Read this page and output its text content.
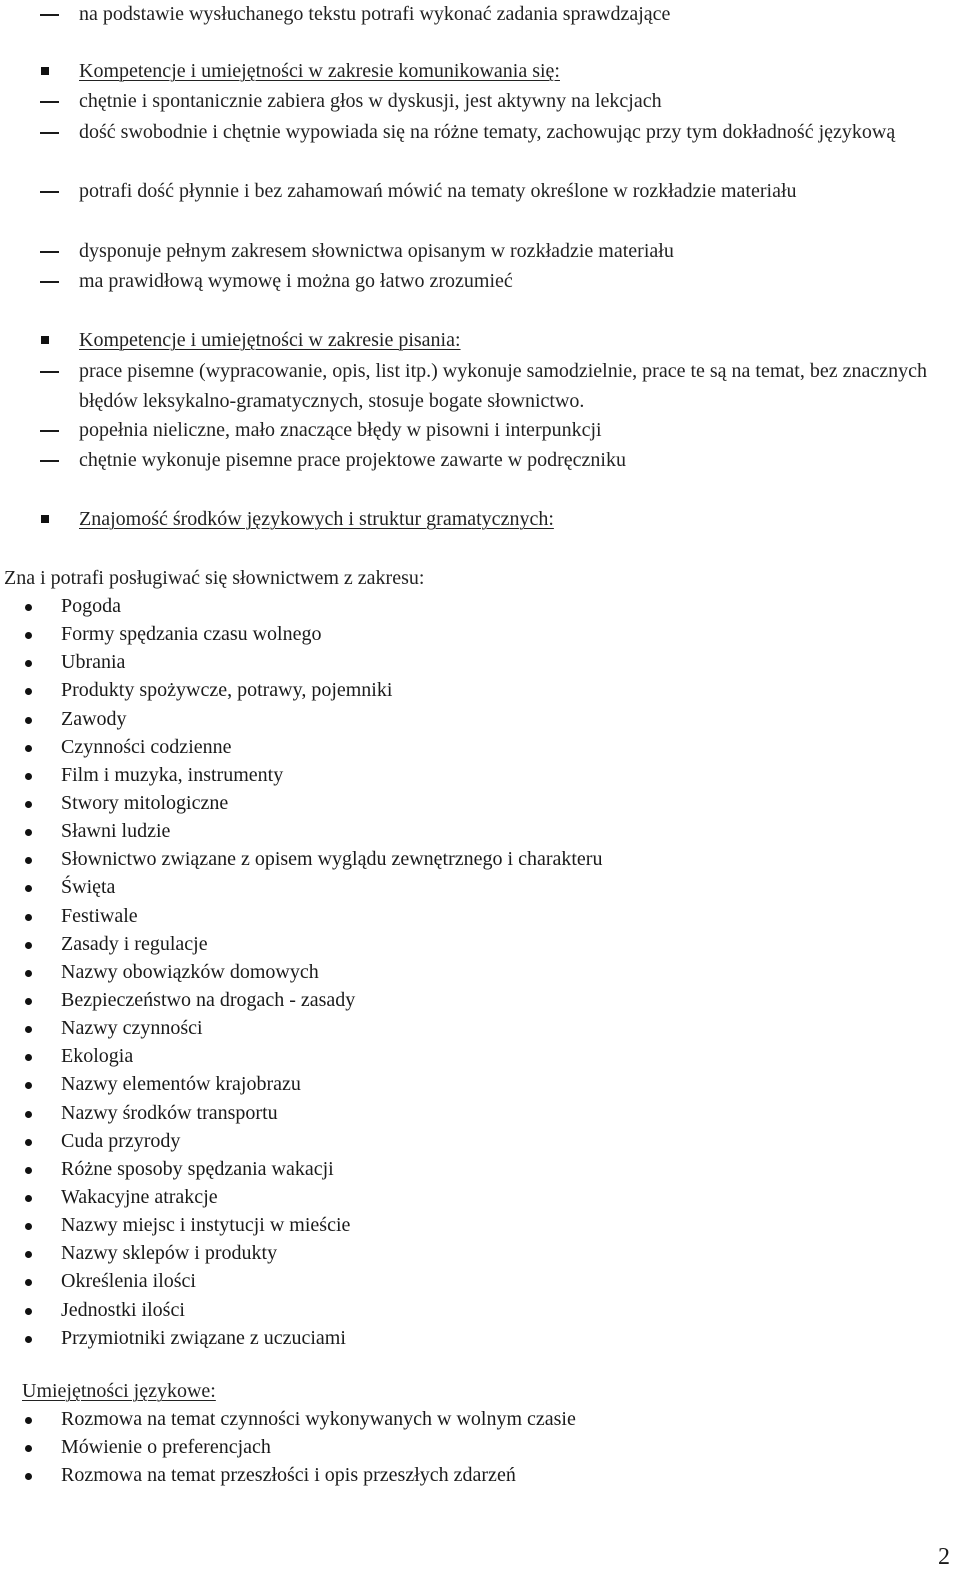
na podstawie wysłuchanego tekstu potrafi wykonać zadania sprawdzające
Kompetencje i umiejętności w zakresie komunikowania się:
chętnie i spontanicznie zabiera głos w dyskusji, jest aktywny na lekcjach
dość swobodnie i chętnie wypowiada się na różne tematy, zachowując przy tym dokładność językową
potrafi dość płynnie i bez zahamowań mówić na tematy określone w rozkładzie materiału
dysponuje pełnym zakresem słownictwa opisanym w rozkładzie materiału
ma prawidłową wymowę i można go łatwo zrozumieć
Kompetencje i umiejętności w zakresie pisania:
prace pisemne (wypracowanie, opis, list itp.) wykonuje samodzielnie, prace te są na temat, bez znacznych błędów leksykalno-gramatycznych, stosuje bogate słownictwo.
popełnia nieliczne, mało znaczące błędy w pisowni i interpunkcji
chętnie wykonuje pisemne prace projektowe zawarte w podręczniku
Znajomość środków językowych i struktur gramatycznych:
Zna i potrafi posługiwać się słownictwem z zakresu:
Pogoda
Formy spędzania czasu wolnego
Ubrania
Produkty spożywcze, potrawy, pojemniki
Zawody
Czynności codzienne
Film i muzyka, instrumenty
Stwory mitologiczne
Sławni ludzie
Słownictwo związane z opisem wyglądu zewnętrznego i charakteru
Święta
Festiwale
Zasady i regulacje
Nazwy obowiązków domowych
Bezpieczeństwo na drogach - zasady
Nazwy czynności
Ekologia
Nazwy elementów krajobrazu
Nazwy środków transportu
Cuda przyrody
Różne sposoby spędzania wakacji
Wakacyjne atrakcje
Nazwy miejsc i instytucji w mieście
Nazwy sklepów i produkty
Określenia ilości
Jednostki ilości
Przymiotniki związane z uczuciami
Umiejętności językowe:
Rozmowa na temat czynności wykonywanych w wolnym czasie
Mówienie o preferencjach
Rozmowa na temat przeszłości i opis przeszłych zdarzeń
2
